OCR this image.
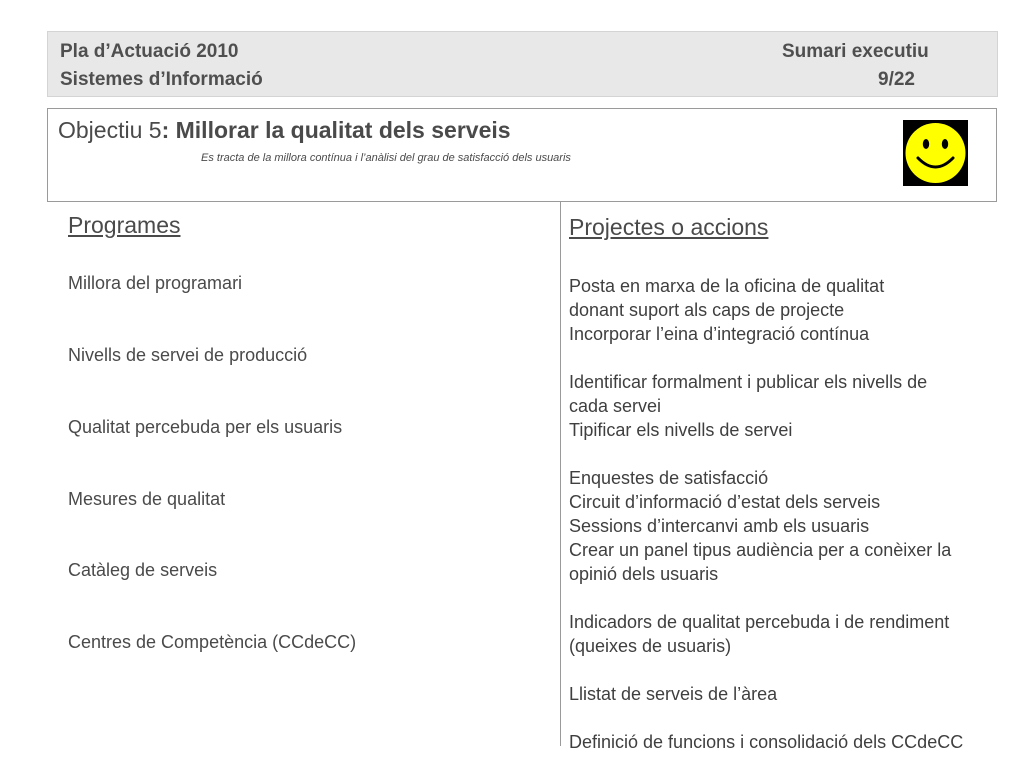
Pla d’Actuació 2010
Sistemes d’Informació
Sumari executiu
9/22
Objectiu 5: Millorar la qualitat dels serveis
Es tracta de la millora contínua i l’anàlisi del grau de satisfacció dels usuaris
Programes
Millora del programari
Nivells de servei de producció
Qualitat percebuda per els usuaris
Mesures de qualitat
Catàleg de serveis
Centres de Competència (CCdeCC)
Projectes o accions
Posta en marxa de la oficina de qualitat
donant suport als caps de projecte
Incorporar l’eina d’integració contínua
Identificar formalment i publicar els nivells de
cada servei
Tipificar els nivells de servei
Enquestes de satisfacció
Circuit d’informació d’estat dels serveis
Sessions d’intercanvi amb els usuaris
Crear un panel tipus audiència per a conèixer la
opinió dels usuaris
Indicadors de qualitat percebuda i de rendiment
(queixes de usuaris)
Llistat de serveis de l’àrea
Definició de funcions i consolidació dels CCdeCC
